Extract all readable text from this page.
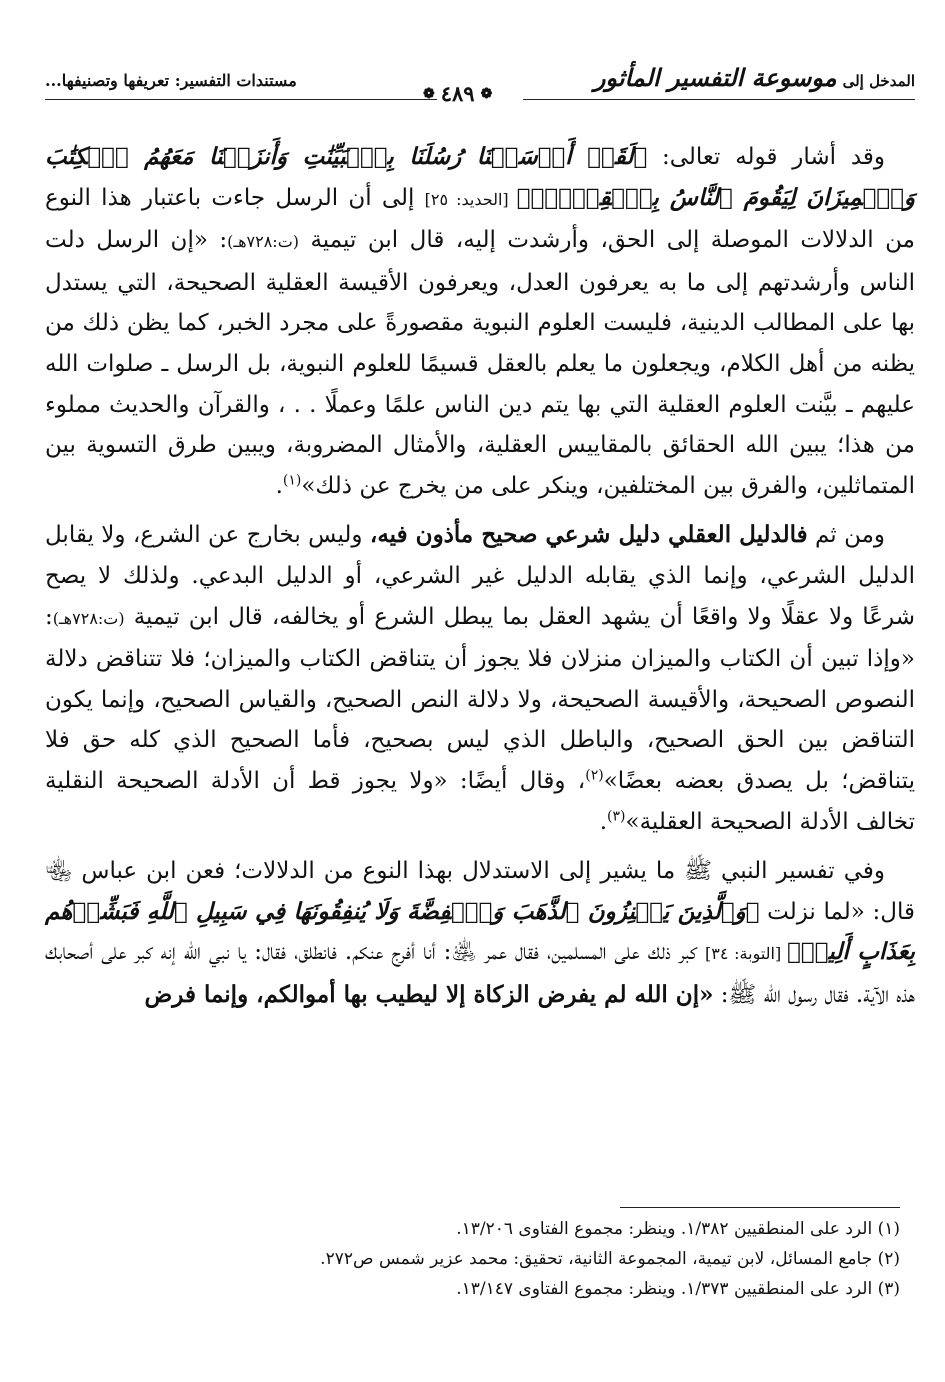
المدخل إلى
موسوعة التفسير المأثور
❁
٤٨٩
❁
مستندات التفسير: تعريفها وتصنيفها...

وقد أشار قوله تعالى: ﴿لَقَدۡ أَرۡسَلۡنَا رُسُلَنَا بِٱلۡبَيِّنَٰتِ وَأَنزَلۡنَا مَعَهُمُ ٱلۡكِتَٰبَ وَٱلۡمِيزَانَ لِيَقُومَ ٱلنَّاسُ بِٱلۡقِسۡطِۖ﴾ [الحديد: ٢٥] إلى أن الرسل جاءت باعتبار هذا النوع من الدلالات الموصلة إلى الحق، وأرشدت إليه، قال ابن تيمية (ت:٧٢٨هـ): «إن الرسل دلت الناس وأرشدتهم إلى ما به يعرفون العدل، ويعرفون الأقيسة العقلية الصحيحة، التي يستدل بها على المطالب الدينية، فليست العلوم النبوية مقصورةً على مجرد الخبر، كما يظن ذلك من يظنه من أهل الكلام، ويجعلون ما يعلم بالعقل قسيمًا للعلوم النبوية، بل الرسل ـ صلوات الله عليهم ـ بيَّنت العلوم العقلية التي بها يتم دين الناس علمًا وعملًا . . ، والقرآن والحديث مملوء من هذا؛ يبين الله الحقائق بالمقاييس العقلية، والأمثال المضروبة، ويبين طرق التسوية بين المتماثلين، والفرق بين المختلفين، وينكر على من يخرج عن ذلك»$^{(١)}$.

ومن ثم فالدليل العقلي دليل شرعي صحيح مأذون فيه، وليس بخارج عن الشرع، ولا يقابل الدليل الشرعي، وإنما الذي يقابله الدليل غير الشرعي، أو الدليل البدعي. ولذلك لا يصح شرعًا ولا عقلًا ولا واقعًا أن يشهد العقل بما يبطل الشرع أو يخالفه، قال ابن تيمية (ت:٧٢٨هـ): «وإذا تبين أن الكتاب والميزان منزلان فلا يجوز أن يتناقض الكتاب والميزان؛ فلا تتناقض دلالة النصوص الصحيحة، والأقيسة الصحيحة، ولا دلالة النص الصحيح، والقياس الصحيح، وإنما يكون التناقض بين الحق الصحيح، والباطل الذي ليس بصحيح، فأما الصحيح الذي كله حق فلا يتناقض؛ بل يصدق بعضه بعضًا»$^{(٢)}$، وقال أيضًا: «ولا يجوز قط أن الأدلة الصحيحة النقلية تخالف الأدلة الصحيحة العقلية»$^{(٣)}$.

وفي تفسير النبي ﷺ ما يشير إلى الاستدلال بهذا النوع من الدلالات؛ فعن ابن عباس ﵄ قال: «لما نزلت ﴿وَٱلَّذِينَ يَكۡنِزُونَ ٱلذَّهَبَ وَٱلۡفِضَّةَ وَلَا يُنفِقُونَهَا فِي سَبِيلِ ٱللَّهِ فَبَشِّرۡهُم بِعَذَابٍ أَلِيمٖ﴾ [التوبة: ٣٤] كبر ذلك على المسلمين، فقال عمر ﵁: أنا أفرج عنكم. فانطلق، فقال: يا نبي الله إنه كبر على أصحابك هذه الآية. فقال رسول الله ﷺ: «إن الله لم يفرض الزكاة إلا ليطيب بها أموالكم، وإنما فرض

(١) الرد على المنطقيين ١/٣٨٢. وينظر: مجموع الفتاوى ١٣/٢٠٦.

(٢) جامع المسائل، لابن تيمية، المجموعة الثانية، تحقيق: محمد عزير شمس ص٢٧٢.

(٣) الرد على المنطقيين ١/٣٧٣. وينظر: مجموع الفتاوى ١٣/١٤٧.
